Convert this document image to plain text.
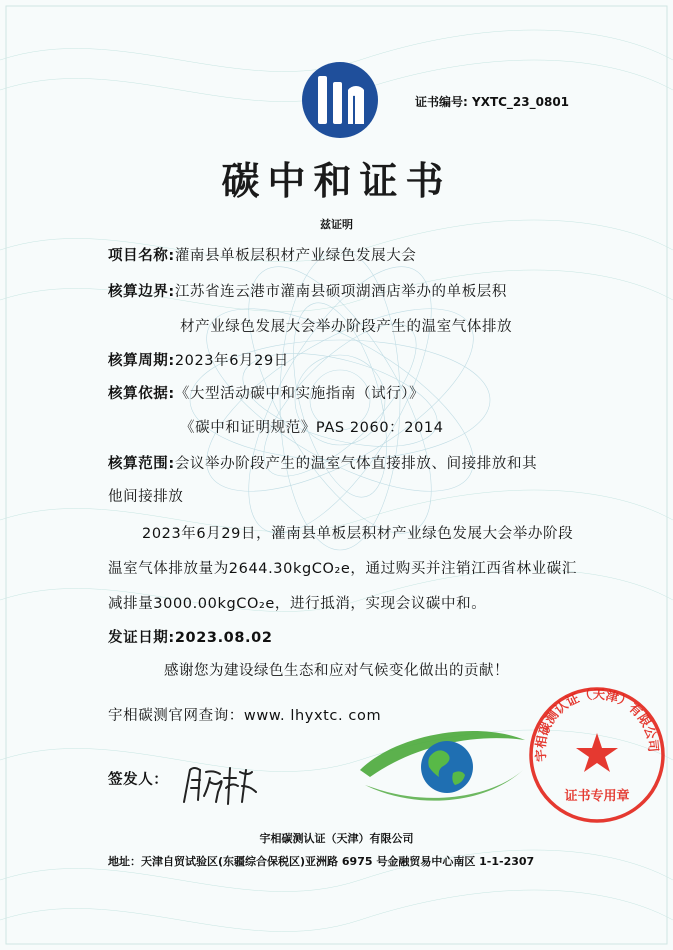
证书编号: YXTC_23_0801
碳中和证书
兹证明
项目名称:灌南县单板层积材产业绿色发展大会
核算边界:江苏省连云港市灌南县硕项湖酒店举办的单板层积
材产业绿色发展大会举办阶段产生的温室气体排放
核算周期:2023年6月29日
核算依据:《大型活动碳中和实施指南（试行）》
《碳中和证明规范》PAS 2060：2014
核算范围:会议举办阶段产生的温室气体直接排放、间接排放和其
他间接排放
2023年6月29日，灌南县单板层积材产业绿色发展大会举办阶段
温室气体排放量为2644.30kgCO₂e，通过购买并注销江西省林业碳汇
减排量3000.00kgCO₂e，进行抵消，实现会议碳中和。
发证日期:2023.08.02
感谢您为建设绿色生态和应对气候变化做出的贡献！
宇相碳测官网查询：www. lhyxtc. com
宇相碳测认证（天津）有限公司
证书专用章
签发人：
宇相碳测认证（天津）有限公司
地址：天津自贸试验区(东疆综合保税区)亚洲路 6975 号金融贸易中心南区 1-1-2307
